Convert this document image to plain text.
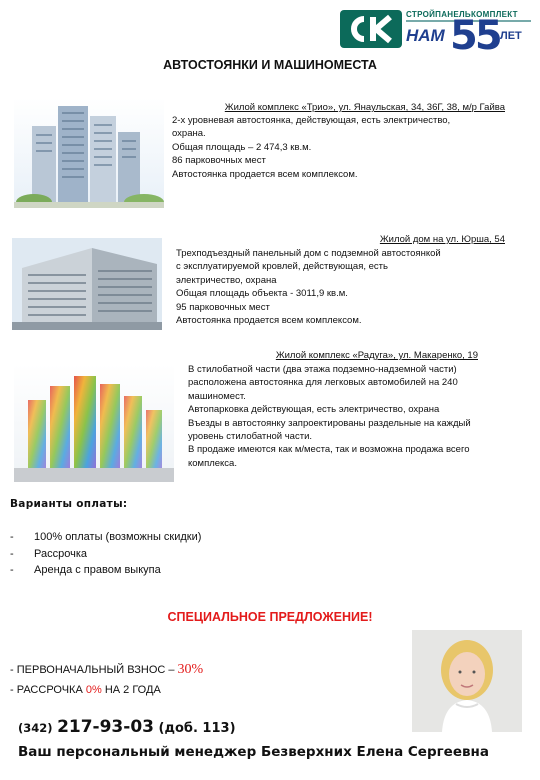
СТРОЙПАНЕЛЬКОМПЛЕКТ
НАМ 55 ЛЕТ
АВТОСТОЯНКИ И МАШИНОМЕСТА
Жилой комплекс «Трио», ул. Янаульская, 34, 36Г, 38, м/р Гайва
2-х уровневая автостоянка, действующая, есть электричество,
охрана.
Общая площадь – 2 474,3 кв.м.
86 парковочных мест
Автостоянка продается всем комплексом.
Жилой дом на ул. Юрша, 54
Трехподъездный панельный дом с подземной автостоянкой
с эксплуатируемой кровлей, действующая, есть
электричество, охрана
Общая площадь объекта - 3011,9 кв.м.
95 парковочных мест
Автостоянка продается всем комплексом.
Жилой комплекс «Радуга», ул. Макаренко, 19
В стилобатной части (два этажа подземно-надземной части)
расположена автостоянка для легковых автомобилей на 240
машиномест.
Автопарковка действующая, есть электричество, охрана
Въезды в автостоянку запроектированы раздельные на каждый
уровень стилобатной части.
В продаже имеются как м/места, так и возможна продажа всего
комплекса.
Варианты оплаты:
- 100% оплаты (возможны скидки)
- Рассрочка
- Аренда с правом выкупа
СПЕЦИАЛЬНОЕ ПРЕДЛОЖЕНИЕ!
- ПЕРВОНАЧАЛЬНЫЙ ВЗНОС – 30%
- РАССРОЧКА 0% НА 2 ГОДА
(342) 217-93-03 (доб. 113)
Ваш персональный менеджер Безверхних Елена Сергеевна
